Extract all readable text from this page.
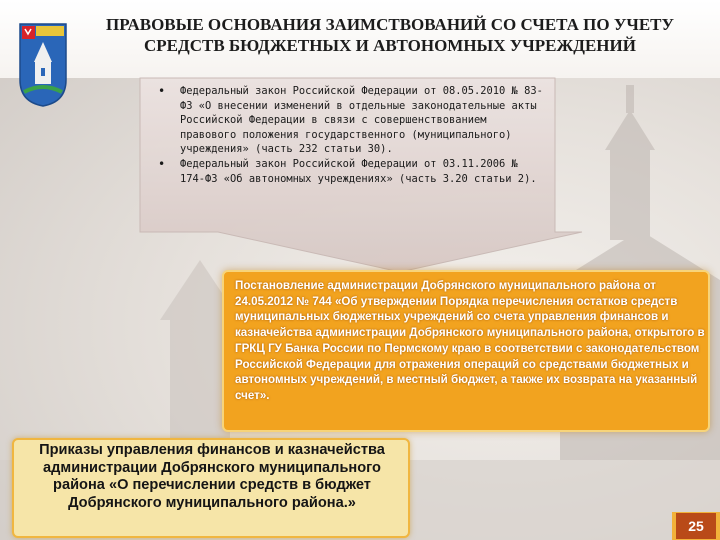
ПРАВОВЫЕ ОСНОВАНИЯ ЗАИМСТВОВАНИЙ СО СЧЕТА ПО УЧЕТУ СРЕДСТВ БЮДЖЕТНЫХ И АВТОНОМНЫХ УЧРЕЖДЕНИЙ
• Федеральный закон Российской Федерации от 08.05.2010 № 83-ФЗ «О внесении изменений в отдельные законодательные акты Российской Федерации в связи с совершенствованием правового положения государственного (муниципального) учреждения» (часть 232 статьи 30).
• Федеральный закон Российской Федерации от 03.11.2006 № 174-ФЗ «Об автономных учреждениях» (часть 3.20 статьи 2).
Постановление администрации Добрянского муниципального района от 24.05.2012 № 744 «Об утверждении Порядка перечисления остатков средств муниципальных бюджетных учреждений со счета управления финансов и казначейства администрации Добрянского муниципального района, открытого в ГРКЦ ГУ Банка России по Пермскому краю в соответствии с законодательством Российской Федерации для отражения операций со средствами бюджетных и автономных учреждений, в местный бюджет, а также их возврата на указанный счет».
Приказы управления финансов и казначейства администрации Добрянского муниципального района «О перечислении средств в бюджет Добрянского муниципального района.»
25
